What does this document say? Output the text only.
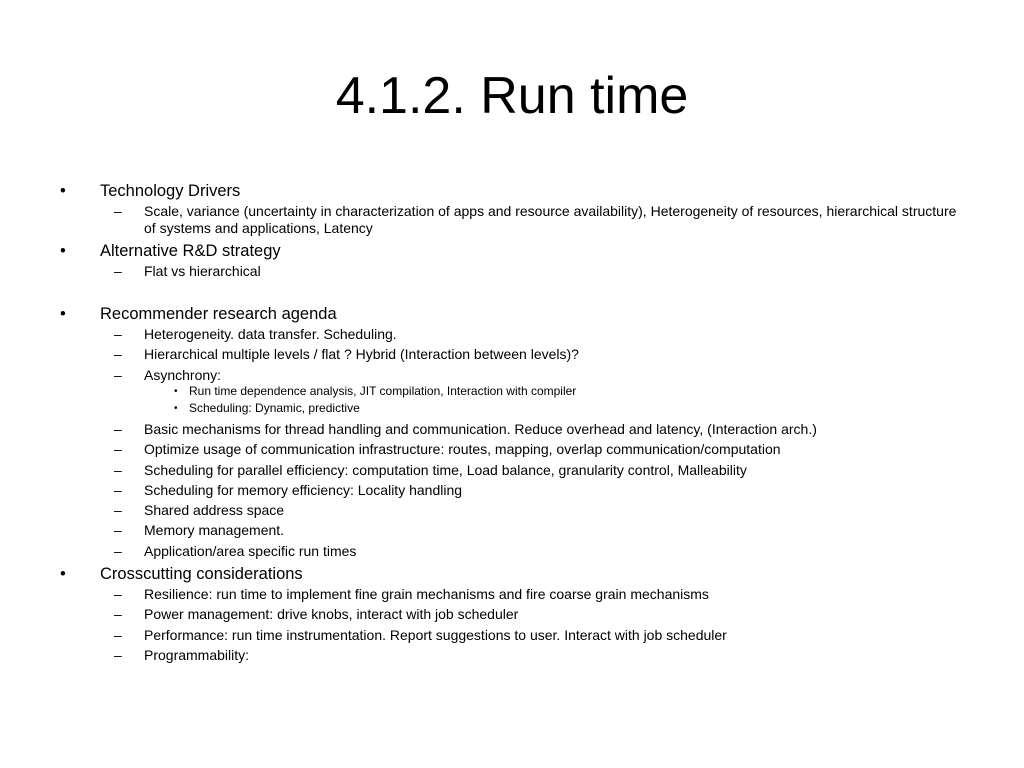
4.1.2. Run time
• Technology Drivers
– Scale, variance (uncertainty in characterization of apps and resource availability), Heterogeneity of resources, hierarchical structure of systems and applications, Latency
• Alternative R&D strategy
– Flat vs hierarchical
• Recommender research agenda
– Heterogeneity. data transfer. Scheduling.
– Hierarchical multiple levels / flat ? Hybrid (Interaction between levels)?
– Asynchrony:
• Run time dependence analysis, JIT compilation, Interaction with compiler
• Scheduling: Dynamic, predictive
– Basic mechanisms for thread handling and communication. Reduce overhead and latency, (Interaction arch.)
– Optimize usage of communication infrastructure: routes, mapping, overlap communication/computation
– Scheduling for parallel efficiency: computation time, Load balance, granularity control, Malleability
– Scheduling for memory efficiency: Locality handling
– Shared address space
– Memory management.
– Application/area specific run times
• Crosscutting considerations
– Resilience: run time to implement fine grain mechanisms and fire coarse grain mechanisms
– Power management: drive knobs, interact with job scheduler
– Performance: run time instrumentation. Report suggestions to user. Interact with job scheduler
– Programmability:
